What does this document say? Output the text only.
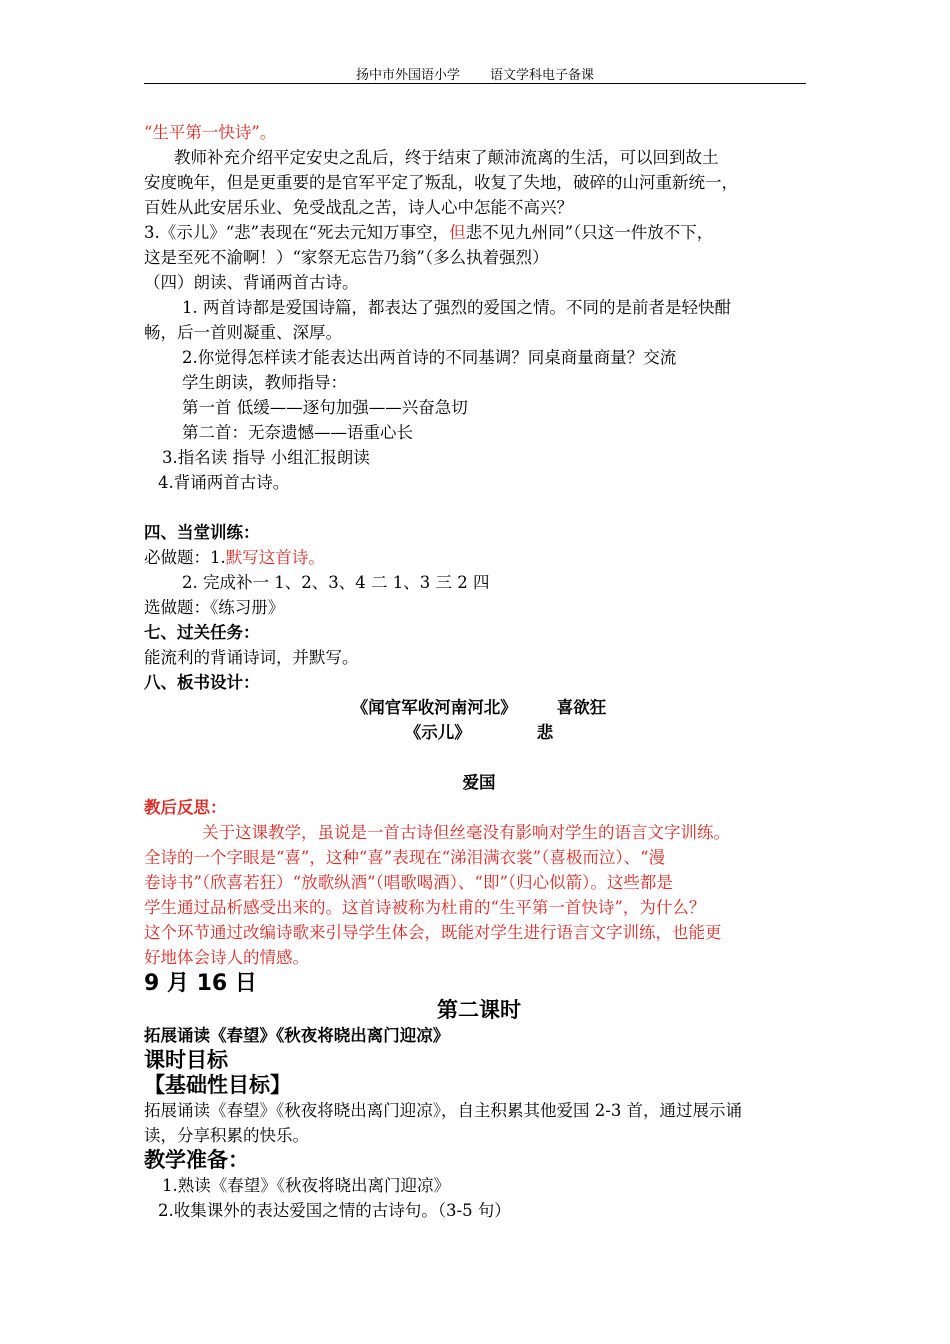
扬中市外国语小学 语文学科电子备课

“生平第一快诗”。

教师补充介绍平定安史之乱后，终于结束了颠沛流离的生活，可以回到故土

安度晚年，但是更重要的是官军平定了叛乱，收复了失地，破碎的山河重新统一，

百姓从此安居乐业、免受战乱之苦，诗人心中怎能不高兴？

3.《示儿》“悲”表现在“死去元知万事空，但悲不见九州同”（只这一件放不下，

这是至死不渝啊！）“家祭无忘告乃翁”（多么执着强烈）

（四）朗读、背诵两首古诗。

1. 两首诗都是爱国诗篇，都表达了强烈的爱国之情。不同的是前者是轻快酣

畅，后一首则凝重、深厚。

2.你觉得怎样读才能表达出两首诗的不同基调？同桌商量商量？交流

学生朗读，教师指导：

第一首 低缓——逐句加强——兴奋急切

第二首：无奈遗憾——语重心长

3.指名读 指导 小组汇报朗读

4.背诵两首古诗。

四、当堂训练：

必做题：1.默写这首诗。

2. 完成补一 1、2、3、4 二 1、3 三 2 四

选做题：《练习册》

七、过关任务：

能流利的背诵诗词，并默写。

八、板书设计：

《闻官军收河南河北》 喜欲狂

《示儿》	悲

爱国

教后反思：

关于这课教学，虽说是一首古诗但丝毫没有影响对学生的语言文字训练。

全诗的一个字眼是“喜”，这种“喜”表现在“涕泪满衣裳”（喜极而泣）、“漫

卷诗书”（欣喜若狂）“放歌纵酒”（唱歌喝酒）、“即”（归心似箭）。这些都是

学生通过品析感受出来的。这首诗被称为杜甫的“生平第一首快诗”，为什么？

这个环节通过改编诗歌来引导学生体会，既能对学生进行语言文字训练，也能更

好地体会诗人的情感。

9 月 16 日

第二课时

拓展诵读《春望》《秋夜将晓出离门迎凉》

课时目标

【基础性目标】

拓展诵读《春望》《秋夜将晓出离门迎凉》，自主积累其他爱国 2-3 首，通过展示诵

读，分享积累的快乐。

教学准备：

1.熟读《春望》《秋夜将晓出离门迎凉》

2.收集课外的表达爱国之情的古诗句。（3-5 句）
